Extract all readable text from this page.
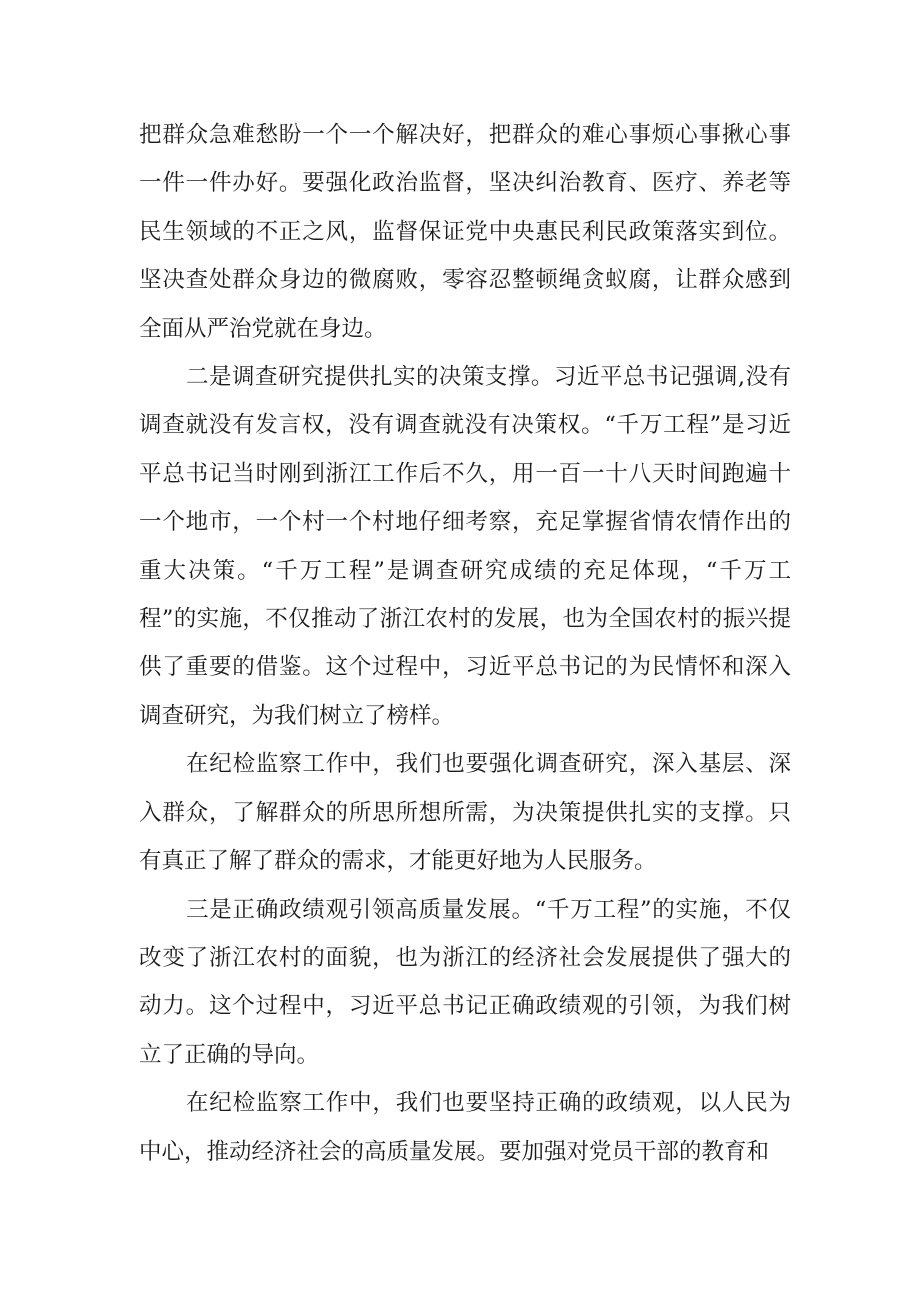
把群众急难愁盼一个一个解决好，把群众的难心事烦心事揪心事一件一件办好。要强化政治监督，坚决纠治教育、医疗、养老等民生领域的不正之风，监督保证党中央惠民利民政策落实到位。坚决查处群众身边的微腐败，零容忍整顿绳贪蚁腐，让群众感到全面从严治党就在身边。

二是调查研究提供扎实的决策支撑。习近平总书记强调,没有调查就没有发言权，没有调查就没有决策权。“千万工程”是习近平总书记当时刚到浙江工作后不久，用一百一十八天时间跑遍十一个地市，一个村一个村地仔细考察，充足掌握省情农情作出的重大决策。“千万工程”是调查研究成绩的充足体现，“千万工程”的实施，不仅推动了浙江农村的发展，也为全国农村的振兴提供了重要的借鉴。这个过程中，习近平总书记的为民情怀和深入调查研究，为我们树立了榜样。

在纪检监察工作中，我们也要强化调查研究，深入基层、深入群众，了解群众的所思所想所需，为决策提供扎实的支撑。只有真正了解了群众的需求，才能更好地为人民服务。

三是正确政绩观引领高质量发展。“千万工程”的实施，不仅改变了浙江农村的面貌，也为浙江的经济社会发展提供了强大的动力。这个过程中，习近平总书记正确政绩观的引领，为我们树立了正确的导向。

在纪检监察工作中，我们也要坚持正确的政绩观，以人民为中心，推动经济社会的高质量发展。要加强对党员干部的教育和
